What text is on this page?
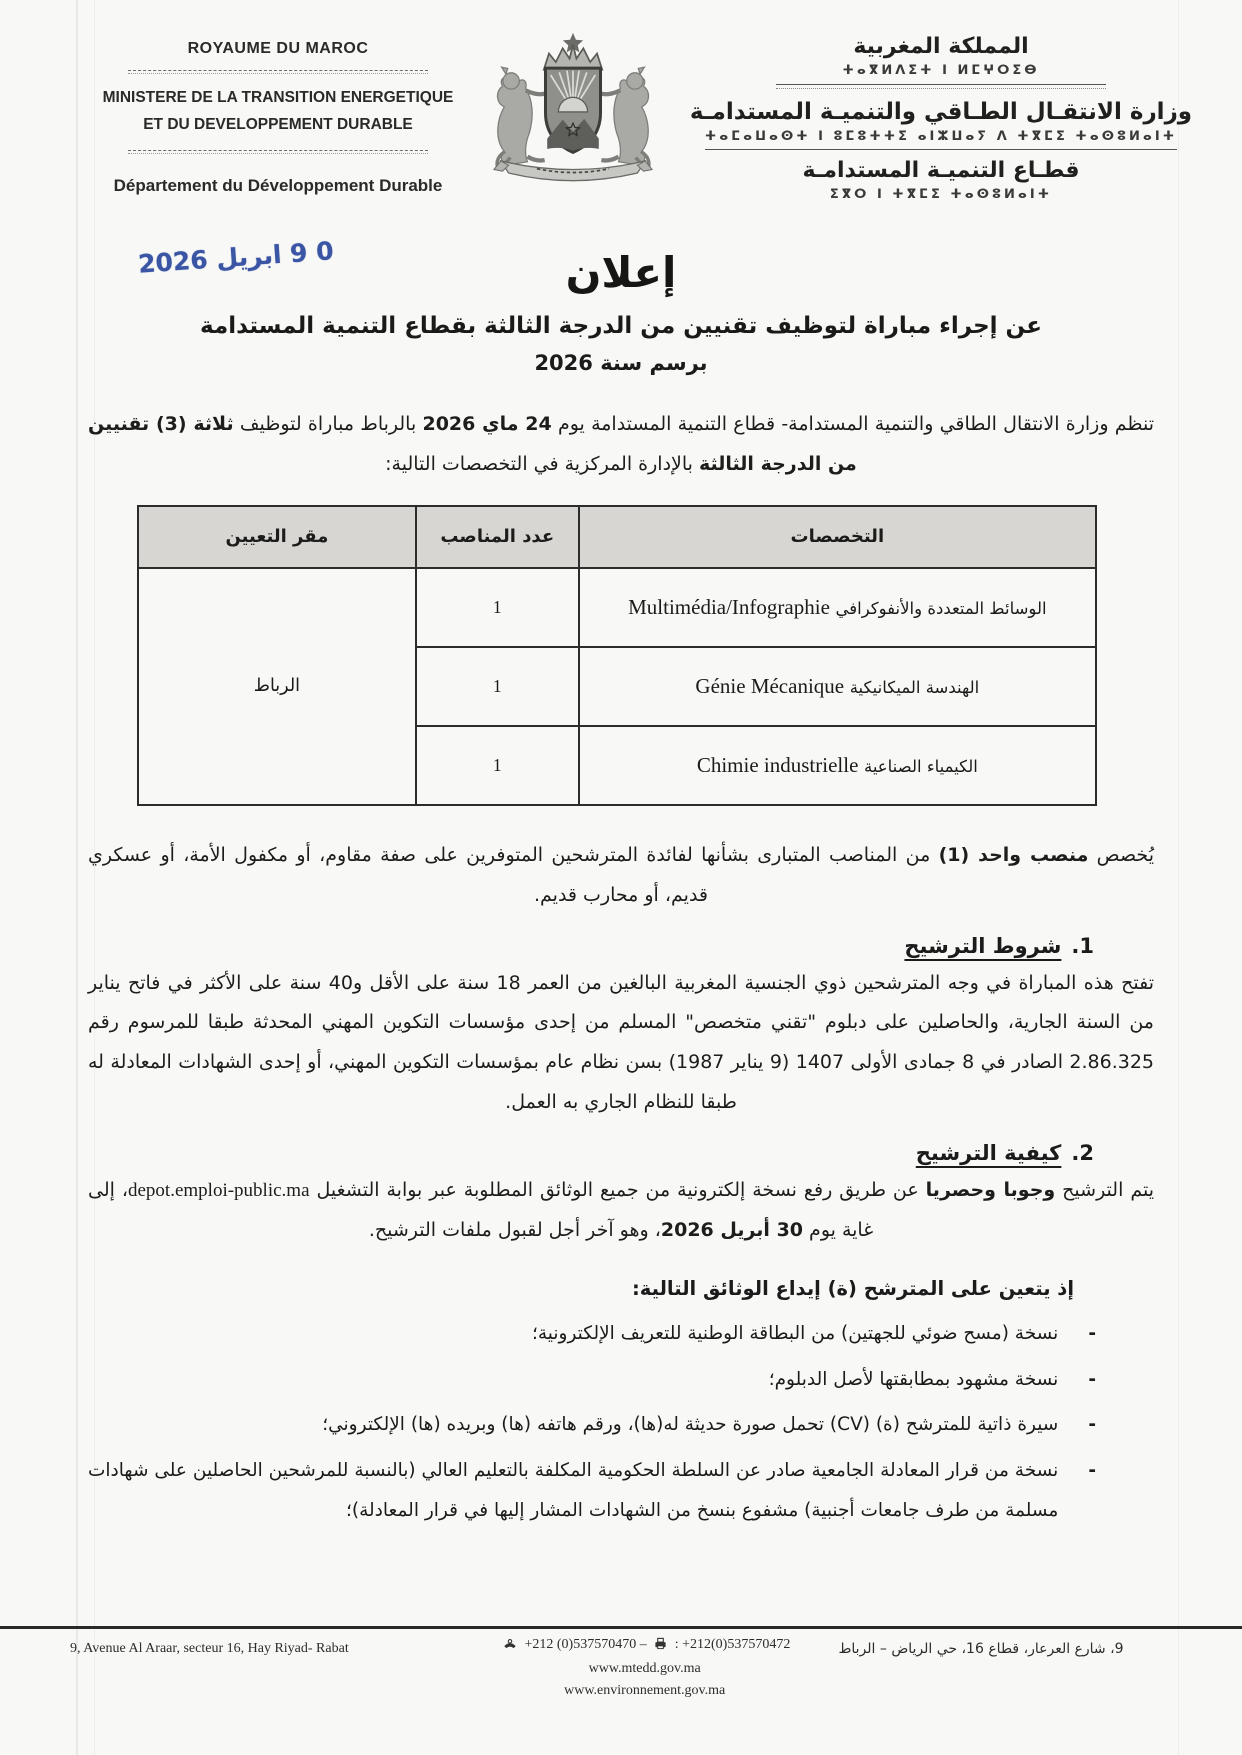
ROYAUME DU MAROC
MINISTERE DE LA TRANSITION ENERGETIQUE
ET DU DEVELOPPEMENT DURABLE
Département du Développement Durable
المملكة المغربية
ⵜⴰⴳⵍⴷⵉⵜ ⵏ ⵍⵎⵖⵔⵉⴱ
وزارة الانتقـال الطـاقي والتنميـة المستدامـة
ⵜⴰⵎⴰⵡⴰⵙⵜ ⵏ ⵓⵎⵓⵜⵜⵉ ⴰⵏⵣⵡⴰⵢ ⴷ ⵜⴳⵎⵉ ⵜⴰⵙⵓⵍⴰⵏⵜ
قطـاع التنميـة المستدامـة
ⵉⴳⵔ ⵏ ⵜⴳⵎⵉ ⵜⴰⵙⵓⵍⴰⵏⵜ
0 9 ابريل 2026	إعلان
عن إجراء مباراة لتوظيف تقنيين من الدرجة الثالثة بقطاع التنمية المستدامة
برسم سنة 2026

تنظم وزارة الانتقال الطاقي والتنمية المستدامة- قطاع التنمية المستدامة يوم 24 ماي 2026 بالرباط مباراة لتوظيف ثلاثة (3) تقنيين من الدرجة الثالثة بالإدارة المركزية في التخصصات التالية:

التخصصات	عدد المناصب	مقر التعيين
الوسائط المتعددة والأنفوكرافي Multimédia/Infographie	1	الرباط
الهندسة الميكانيكية Génie Mécanique	1	
الكيمياء الصناعية Chimie industrielle	1	

يُخصص منصب واحد (1) من المناصب المتبارى بشأنها لفائدة المترشحين المتوفرين على صفة مقاوم، أو مكفول الأمة، أو عسكري قديم، أو محارب قديم.

1.شروط الترشيح

تفتح هذه المباراة في وجه المترشحين ذوي الجنسية المغربية البالغين من العمر 18 سنة على الأقل و40 سنة على الأكثر في فاتح يناير من السنة الجارية، والحاصلين على دبلوم "تقني متخصص" المسلم من إحدى مؤسسات التكوين المهني المحدثة طبقا للمرسوم رقم 2.86.325 الصادر في 8 جمادى الأولى 1407 (9 يناير 1987) بسن نظام عام بمؤسسات التكوين المهني، أو إحدى الشهادات المعادلة له طبقا للنظام الجاري به العمل.

2.كيفية الترشيح

يتم الترشيح وجوبا وحصريا عن طريق رفع نسخة إلكترونية من جميع الوثائق المطلوبة عبر بوابة التشغيل depot.emploi-public.ma، إلى غاية يوم 30 أبريل 2026، وهو آخر أجل لقبول ملفات الترشيح.

إذ يتعين على المترشح (ة) إيداع الوثائق التالية:

-
نسخة (مسح ضوئي للجهتين) من البطاقة الوطنية للتعريف الإلكترونية؛
-
نسخة مشهود بمطابقتها لأصل الدبلوم؛
-
سيرة ذاتية للمترشح (ة) (CV) تحمل صورة حديثة له(ها)، ورقم هاتفه (ها) وبريده (ها) الإلكتروني؛
-
نسخة من قرار المعادلة الجامعية صادر عن السلطة الحكومية المكلفة بالتعليم العالي (بالنسبة للمرشحين الحاصلين على شهادات مسلمة من طرف جامعات أجنبية) مشفوع بنسخ من الشهادات المشار إليها في قرار المعادلة)؛
9, Avenue Al Araar, secteur 16, Hay Riyad- Rabat	+212 (0)537570470 – : +212(0)537570472
www.mtedd.gov.ma
www.environnement.gov.ma
9، شارع العرعار، قطاع 16، حي الرياض – الرباط
